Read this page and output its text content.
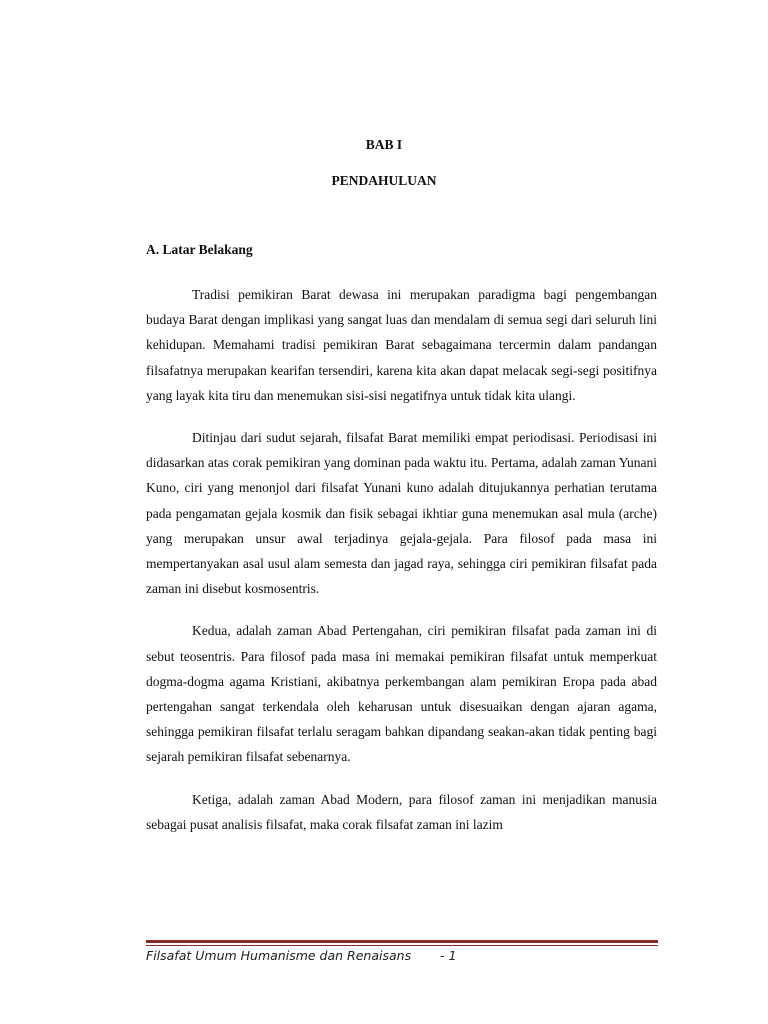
BAB I
PENDAHULUAN
A. Latar Belakang

Tradisi pemikiran Barat dewasa ini merupakan paradigma bagi pengembangan budaya Barat dengan implikasi yang sangat luas dan mendalam di semua segi dari seluruh lini kehidupan. Memahami tradisi pemikiran Barat sebagaimana tercermin dalam pandangan filsafatnya merupakan kearifan tersendiri, karena kita akan dapat melacak segi-segi positifnya yang layak kita tiru dan menemukan sisi-sisi negatifnya untuk tidak kita ulangi.

Ditinjau dari sudut sejarah, filsafat Barat memiliki empat periodisasi. Periodisasi ini didasarkan atas corak pemikiran yang dominan pada waktu itu. Pertama, adalah zaman Yunani Kuno, ciri yang menonjol dari filsafat Yunani kuno adalah ditujukannya perhatian terutama pada pengamatan gejala kosmik dan fisik sebagai ikhtiar guna menemukan asal mula (arche) yang merupakan unsur awal terjadinya gejala-gejala. Para filosof pada masa ini mempertanyakan asal usul alam semesta dan jagad raya, sehingga ciri pemikiran filsafat pada zaman ini disebut kosmosentris.

Kedua, adalah zaman Abad Pertengahan, ciri pemikiran filsafat pada zaman ini di sebut teosentris. Para filosof pada masa ini memakai pemikiran filsafat untuk memperkuat dogma-dogma agama Kristiani, akibatnya perkembangan alam pemikiran Eropa pada abad pertengahan sangat terkendala oleh keharusan untuk disesuaikan dengan ajaran agama, sehingga pemikiran filsafat terlalu seragam bahkan dipandang seakan-akan tidak penting bagi sejarah pemikiran filsafat sebenarnya.

Ketiga, adalah zaman Abad Modern, para filosof zaman ini menjadikan manusia sebagai pusat analisis filsafat, maka corak filsafat zaman ini lazim

Filsafat Umum Humanisme dan Renaisans - 1
